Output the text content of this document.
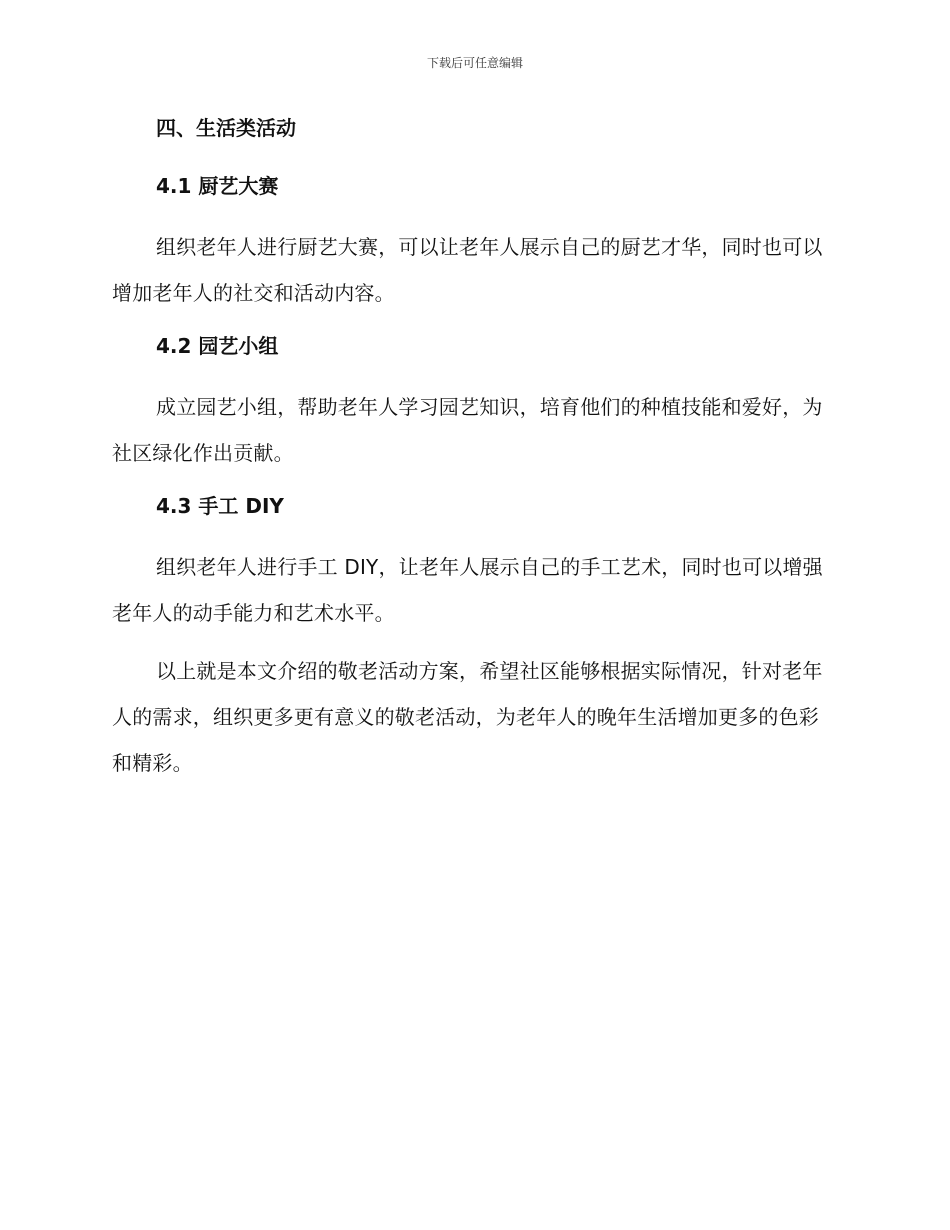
下载后可任意编辑
四、生活类活动
4.1 厨艺大赛

组织老年人进行厨艺大赛，可以让老年人展示自己的厨艺才华，同时也可以增加老年人的社交和活动内容。

4.2 园艺小组

成立园艺小组，帮助老年人学习园艺知识，培育他们的种植技能和爱好，为社区绿化作出贡献。

4.3 手工 DIY

组织老年人进行手工 DIY，让老年人展示自己的手工艺术，同时也可以增强老年人的动手能力和艺术水平。

以上就是本文介绍的敬老活动方案，希望社区能够根据实际情况，针对老年人的需求，组织更多更有意义的敬老活动，为老年人的晚年生活增加更多的色彩和精彩。
